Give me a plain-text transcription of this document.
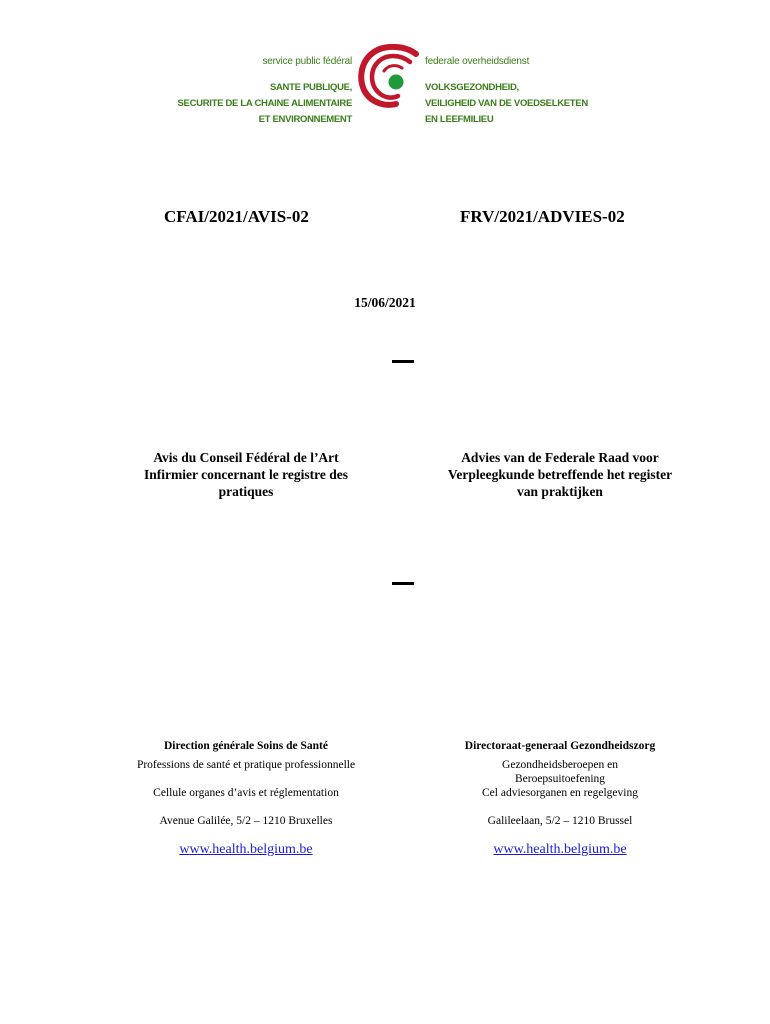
service public fédéral
SANTE PUBLIQUE,
SECURITE DE LA CHAINE ALIMENTAIRE
ET ENVIRONNEMENT
federale overheidsdienst
VOLKSGEZONDHEID,
VEILIGHEID VAN DE VOEDSELKETEN
EN LEEFMILIEU
CFAI/2021/AVIS-02	FRV/2021/ADVIES-02
15/06/2021
Avis du Conseil Fédéral de l’Art
Infirmier concernant le registre des
pratiques
Advies van de Federale Raad voor
Verpleegkunde betreffende het register
van praktijken
Direction générale Soins de Santé
Professions de santé et pratique professionnelle
Cellule organes d’avis et réglementation
Avenue Galilée, 5/2 – 1210 Bruxelles
www.health.belgium.be
Directoraat-generaal Gezondheidszorg
Gezondheidsberoepen en
Beroepsuitoefening
Cel adviesorganen en regelgeving
Galileelaan, 5/2 – 1210 Brussel
www.health.belgium.be
